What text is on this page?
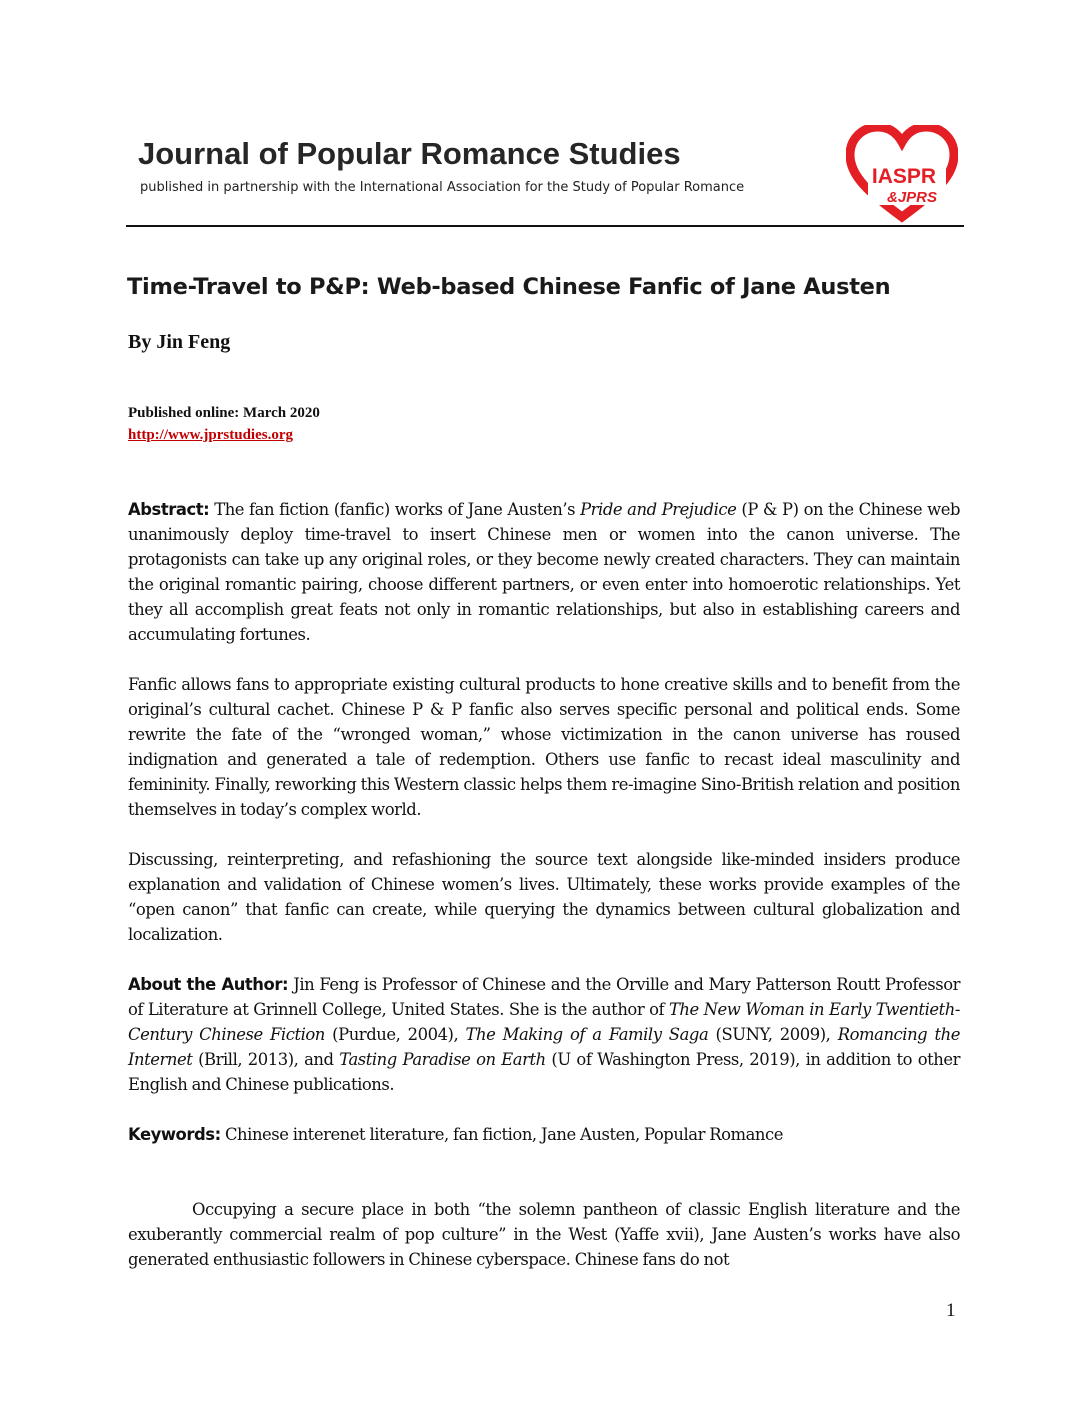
Journal of Popular Romance Studies
published in partnership with the International Association for the Study of Popular Romance	IASPR
&JPRS
Time-Travel to P&P: Web-based Chinese Fanfic of Jane Austen
By Jin Feng
Published online: March 2020
http://www.jprstudies.org

Abstract: The fan fiction (fanfic) works of Jane Austen’s Pride and Prejudice (P & P) on the Chinese web unanimously deploy time-travel to insert Chinese men or women into the canon universe. The protagonists can take up any original roles, or they become newly created characters. They can maintain the original romantic pairing, choose different partners, or even enter into homoerotic relationships. Yet they all accomplish great feats not only in romantic relationships, but also in establishing careers and accumulating fortunes.

Fanfic allows fans to appropriate existing cultural products to hone creative skills and to benefit from the original’s cultural cachet. Chinese P & P fanfic also serves specific personal and political ends. Some rewrite the fate of the “wronged woman,” whose victimization in the canon universe has roused indignation and generated a tale of redemption. Others use fanfic to recast ideal masculinity and femininity. Finally, reworking this Western classic helps them re-imagine Sino-British relation and position themselves in today’s complex world.

Discussing, reinterpreting, and refashioning the source text alongside like-minded insiders produce explanation and validation of Chinese women’s lives. Ultimately, these works provide examples of the “open canon” that fanfic can create, while querying the dynamics between cultural globalization and localization.

About the Author: Jin Feng is Professor of Chinese and the Orville and Mary Patterson Routt Professor of Literature at Grinnell College, United States. She is the author of The New Woman in Early Twentieth-Century Chinese Fiction (Purdue, 2004), The Making of a Family Saga (SUNY, 2009), Romancing the Internet (Brill, 2013), and Tasting Paradise on Earth (U of Washington Press, 2019), in addition to other English and Chinese publications.

Keywords: Chinese interenet literature, fan fiction, Jane Austen, Popular Romance

Occupying a secure place in both “the solemn pantheon of classic English literature and the exuberantly commercial realm of pop culture” in the West (Yaffe xvii), Jane Austen’s works have also generated enthusiastic followers in Chinese cyberspace. Chinese fans do not

1
